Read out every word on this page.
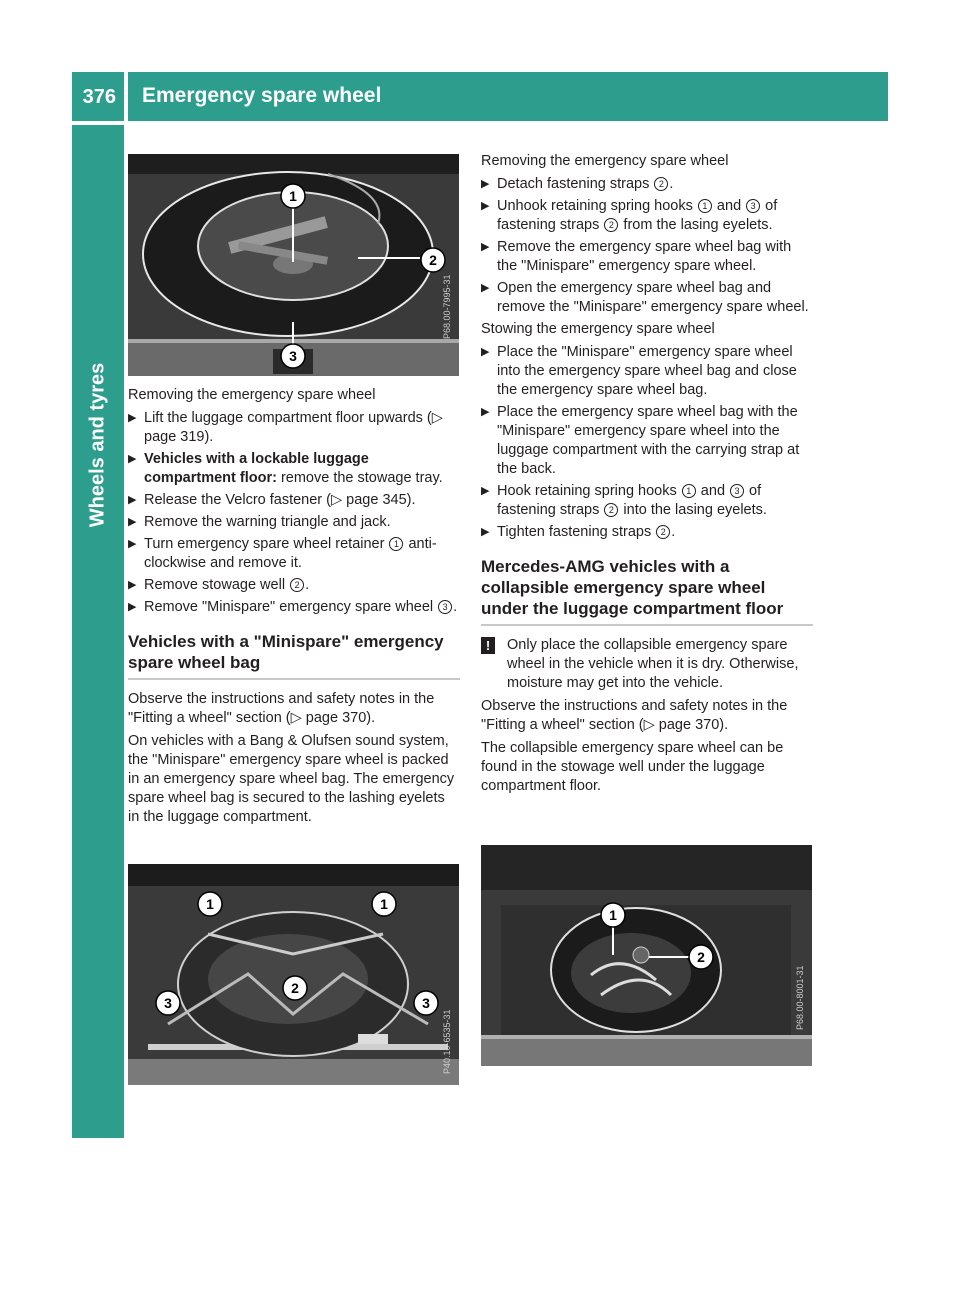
376 Emergency spare wheel
Wheels and tyres
1
2
3
P68.00-7995-31
1	1
2
3	3
P40.10-6535-31
1
2
P68.00-8001-31
Removing the emergency spare wheel
▶ Lift the luggage compartment floor upwards (▷ page 319).
▶ Vehicles with a lockable luggage compartment floor: remove the stowage tray.
▶ Release the Velcro fastener (▷ page 345).
▶ Remove the warning triangle and jack.
▶ Turn emergency spare wheel retainer 1 anti-clockwise and remove it.
▶ Remove stowage well 2 .
▶ Remove "Minispare" emergency spare wheel 3 .
Vehicles with a "Minispare" emergency spare wheel bag
Observe the instructions and safety notes in the "Fitting a wheel" section (▷ page 370).
On vehicles with a Bang & Olufsen sound system, the "Minispare" emergency spare wheel is packed in an emergency spare wheel bag. The emergency spare wheel bag is secured to the lashing eyelets in the luggage compartment.
Removing the emergency spare wheel
▶ Detach fastening straps 2 .
▶ Unhook retaining spring hooks 1 and 3 of fastening straps 2 from the lasing eyelets.
▶ Remove the emergency spare wheel bag with the "Minispare" emergency spare wheel.
▶ Open the emergency spare wheel bag and remove the "Minispare" emergency spare wheel.
Stowing the emergency spare wheel
▶ Place the "Minispare" emergency spare wheel into the emergency spare wheel bag and close the emergency spare wheel bag.
▶ Place the emergency spare wheel bag with the "Minispare" emergency spare wheel into the luggage compartment with the carrying strap at the back.
▶ Hook retaining spring hooks 1 and 3 of fastening straps 2 into the lasing eyelets.
▶ Tighten fastening straps 2 .
Mercedes-AMG vehicles with a collapsible emergency spare wheel under the luggage compartment floor
!	Only place the collapsible emergency spare wheel in the vehicle when it is dry. Otherwise, moisture may get into the vehicle.
Observe the instructions and safety notes in the "Fitting a wheel" section (▷ page 370).
The collapsible emergency spare wheel can be found in the stowage well under the luggage compartment floor.
